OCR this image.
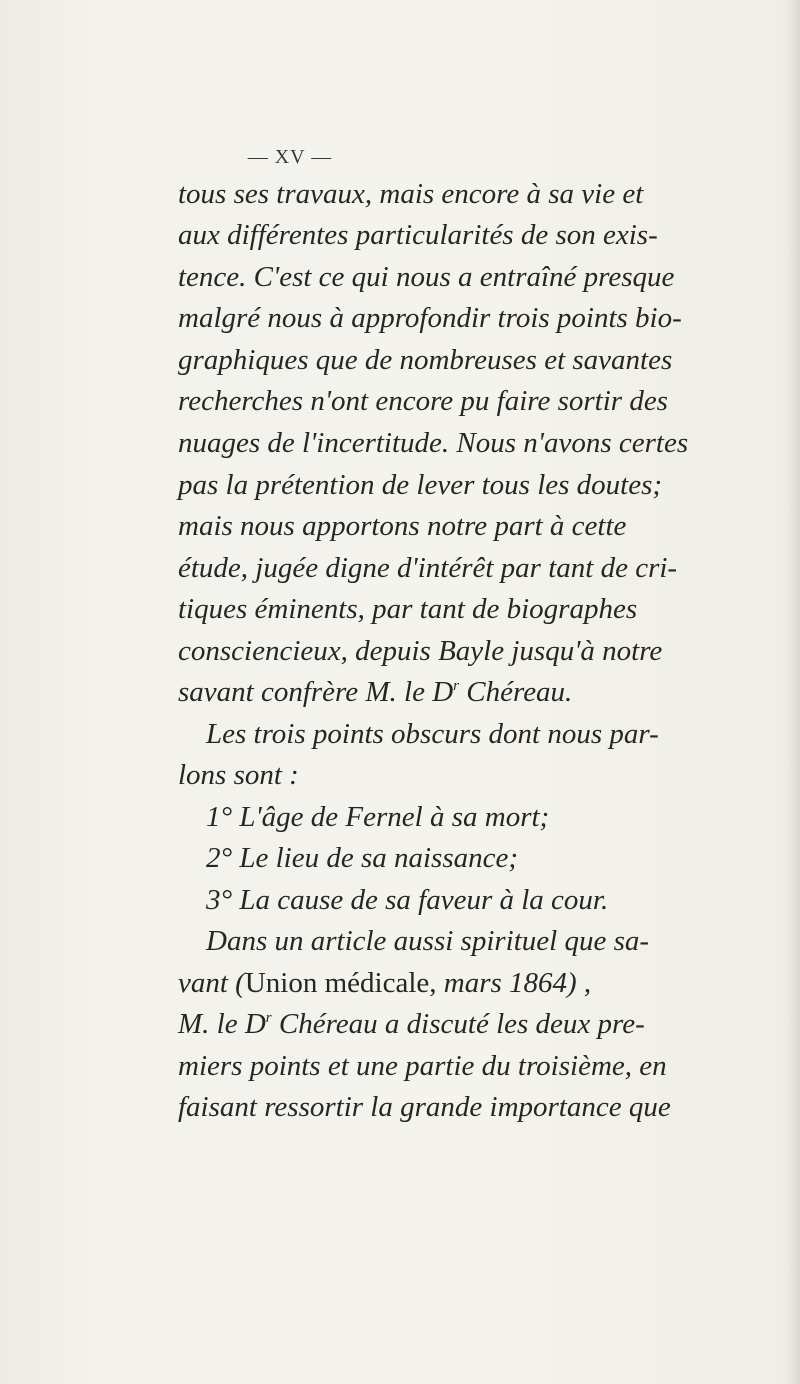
— XV —
tous ses travaux, mais encore à sa vie et
aux différentes particularités de son exis-
tence. C'est ce qui nous a entraîné presque
malgré nous à approfondir trois points bio-
graphiques que de nombreuses et savantes
recherches n'ont encore pu faire sortir des
nuages de l'incertitude. Nous n'avons certes
pas la prétention de lever tous les doutes;
mais nous apportons notre part à cette
étude, jugée digne d'intérêt par tant de cri-
tiques éminents, par tant de biographes
consciencieux, depuis Bayle jusqu'à notre
savant confrère M. le $D^r$ Chéreau.
Les trois points obscurs dont nous par-
lons sont :
1° L'âge de Fernel à sa mort;
2° Le lieu de sa naissance;
3° La cause de sa faveur à la cour.
Dans un article aussi spirituel que sa-
vant (Union médicale, mars 1864) ,
M. le $D^r$ Chéreau a discuté les deux pre-
miers points et une partie du troisième, en
faisant ressortir la grande importance que
